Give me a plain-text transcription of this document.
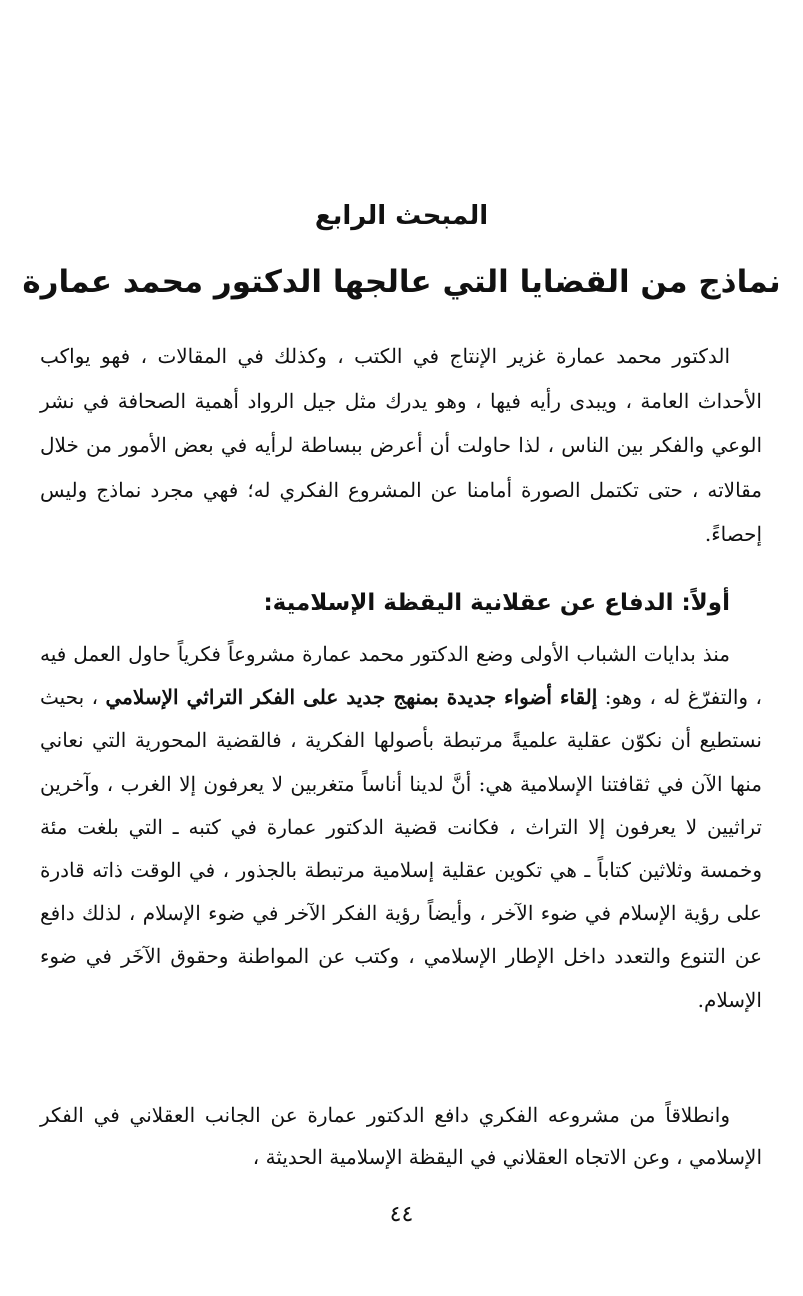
المبحث الرابع
نماذج من القضايا التي عالجها الدكتور محمد عمارة

الدكتور محمد عمارة غزير الإنتاج في الكتب ، وكذلك في المقالات ، فهو يواكب الأحداث العامة ، ويبدى رأيه فيها ، وهو يدرك مثل جيل الرواد أهمية الصحافة في نشر الوعي والفكر بين الناس ، لذا حاولت أن أعرض ببساطة لرأيه في بعض الأمور من خلال مقالاته ، حتى تكتمل الصورة أمامنا عن المشروع الفكري له؛ فهي مجرد نماذج وليس إحصاءً.

أولاً: الدفاع عن عقلانية اليقظة الإسلامية:

منذ بدايات الشباب الأولى وضع الدكتور محمد عمارة مشروعاً فكرياً حاول العمل فيه ، والتفرّغ له ، وهو: إلقاء أضواء جديدة بمنهج جديد على الفكر التراثي الإسلامي ، بحيث نستطيع أن نكوّن عقلية علميةً مرتبطة بأصولها الفكرية ، فالقضية المحورية التي نعاني منها الآن في ثقافتنا الإسلامية هي: أنَّ لدينا أناساً متغربين لا يعرفون إلا الغرب ، وآخرين تراثيين لا يعرفون إلا التراث ، فكانت قضية الدكتور عمارة في كتبه ـ التي بلغت مئة وخمسة وثلاثين كتاباً ـ هي تكوين عقلية إسلامية مرتبطة بالجذور ، في الوقت ذاته قادرة على رؤية الإسلام في ضوء الآخر ، وأيضاً رؤية الفكر الآخر في ضوء الإسلام ، لذلك دافع عن التنوع والتعدد داخل الإطار الإسلامي ، وكتب عن المواطنة وحقوق الآخَر في ضوء الإسلام.

وانطلاقاً من مشروعه الفكري دافع الدكتور عمارة عن الجانب العقلاني في الفكر الإسلامي ، وعن الاتجاه العقلاني في اليقظة الإسلامية الحديثة ،

٤٤
